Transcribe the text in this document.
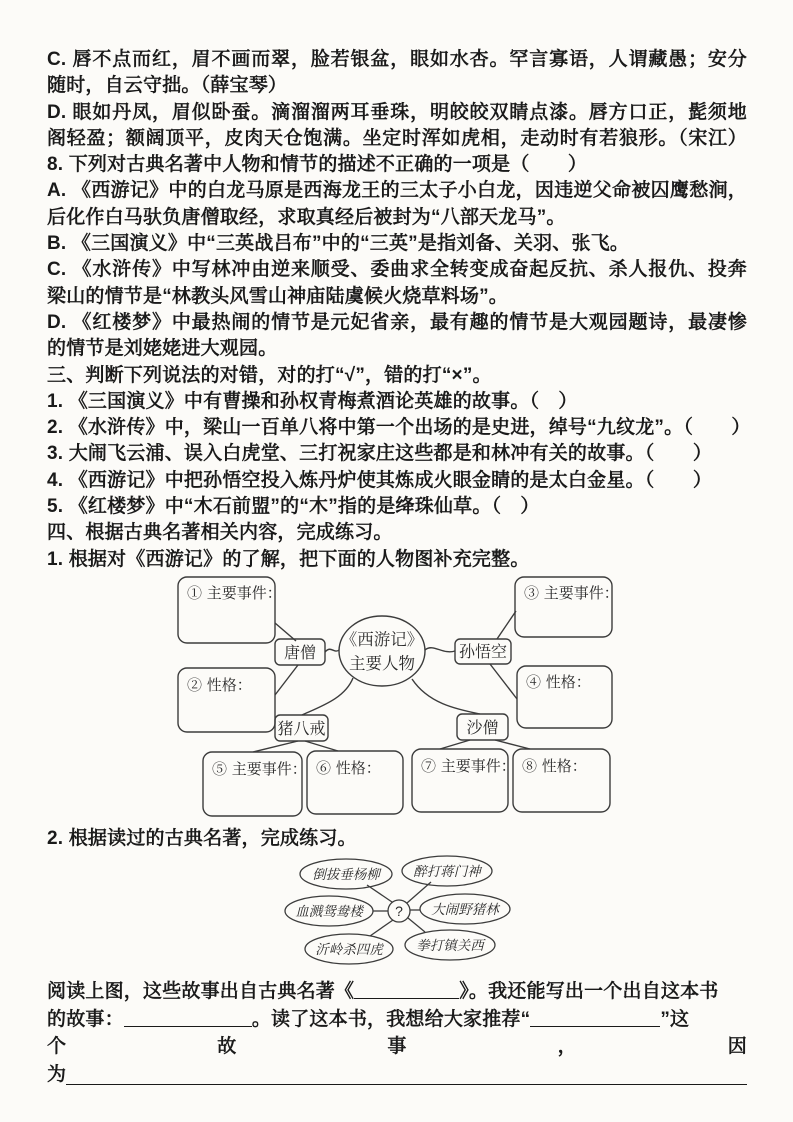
C. 唇不点而红，眉不画而翠，脸若银盆，眼如水杏。罕言寡语，人谓藏愚；安分
随时，自云守拙。（薛宝琴）
D. 眼如丹凤，眉似卧蚕。滴溜溜两耳垂珠，明皎皎双睛点漆。唇方口正，髭须地
阁轻盈；额阔顶平，皮肉天仓饱满。坐定时浑如虎相，走动时有若狼形。（宋江）
8. 下列对古典名著中人物和情节的描述不正确的一项是（　　）
A. 《西游记》中的白龙马原是西海龙王的三太子小白龙，因违逆父命被囚鹰愁涧，
后化作白马驮负唐僧取经，求取真经后被封为“八部天龙马”。
B. 《三国演义》中“三英战吕布”中的“三英”是指刘备、关羽、张飞。
C. 《水浒传》中写林冲由逆来顺受、委曲求全转变成奋起反抗、杀人报仇、投奔
梁山的情节是“林教头风雪山神庙陆虞候火烧草料场”。
D. 《红楼梦》中最热闹的情节是元妃省亲，最有趣的情节是大观园题诗，最凄惨
的情节是刘姥姥进大观园。
三、判断下列说法的对错，对的打“√”，错的打“×”。
1. 《三国演义》中有曹操和孙权青梅煮酒论英雄的故事。（　）
2. 《水浒传》中，梁山一百单八将中第一个出场的是史进，绰号“九纹龙”。（　　）
3. 大闹飞云浦、误入白虎堂、三打祝家庄这些都是和林冲有关的故事。（　　）
4. 《西游记》中把孙悟空投入炼丹炉使其炼成火眼金睛的是太白金星。（　　）
5. 《红楼梦》中“木石前盟”的“木”指的是绛珠仙草。（　）
四、根据古典名著相关内容，完成练习。
1. 根据对《西游记》的了解，把下面的人物图补充完整。
① 主要事件：	③ 主要事件：
② 性格：	④ 性格：
⑤ 主要事件： ⑥ 性格：	⑦ 主要事件： ⑧ 性格：
唐僧	孙悟空
猪八戒	沙僧
《西游记》
主要人物
2. 根据读过的古典名著，完成练习。
倒拔垂杨柳 醉打蒋门神
血溅鸳鸯楼	大闹野猪林
沂岭杀四虎 拳打镇关西
?
阅读上图，这些故事出自古典名著《	》。我还能写出一个出自这本书
的故事：	。读了这本书，我想给大家推荐“	”这
个	故	事	，	因
为
